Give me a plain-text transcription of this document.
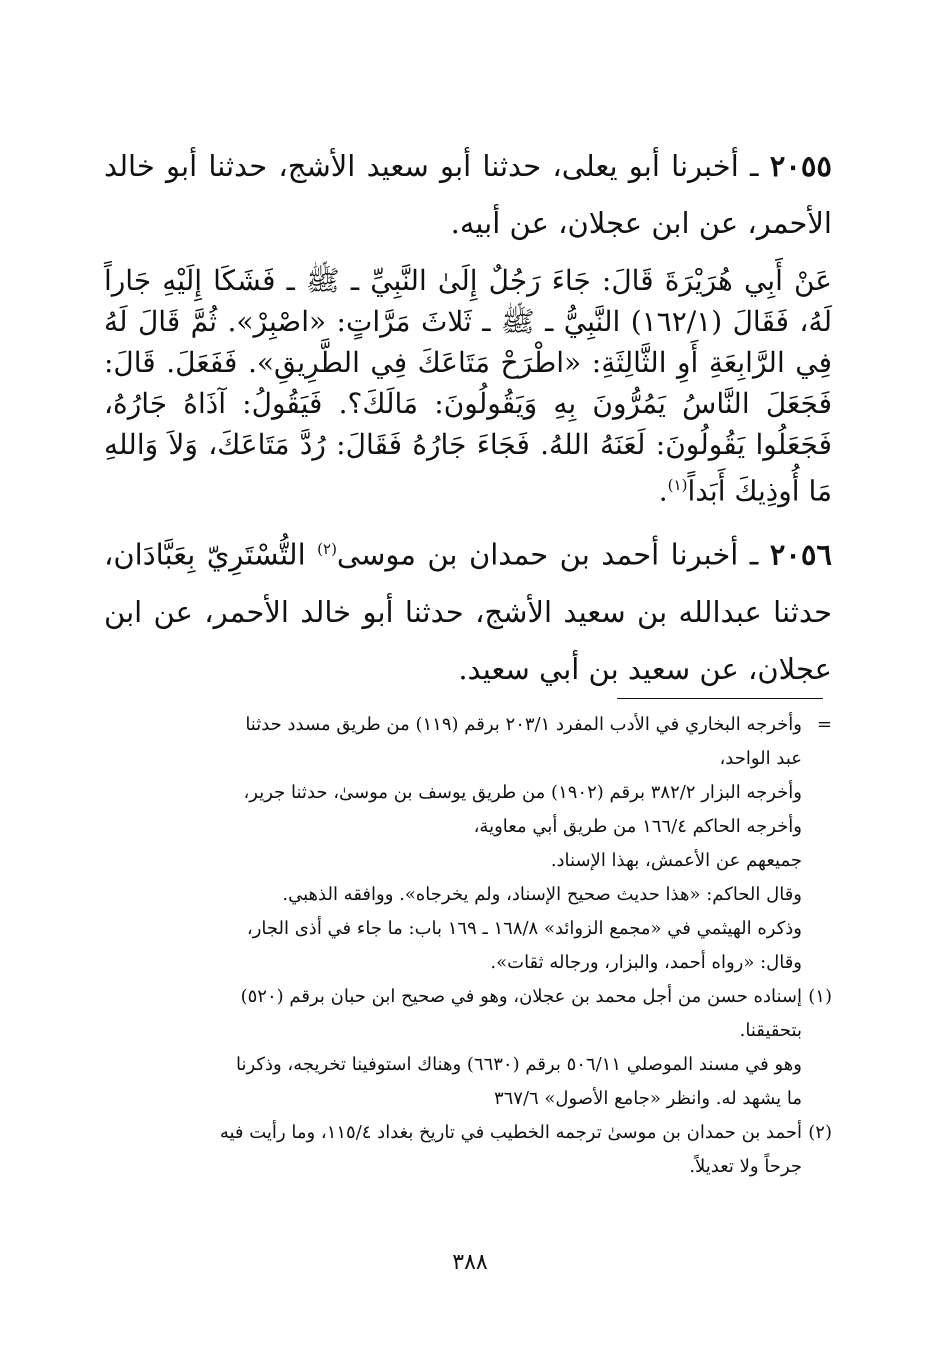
٢٠٥٥ ـ أخبرنا أبو يعلى، حدثنا أبو سعيد الأشج، حدثنا أبو خالد الأحمر، عن ابن عجلان، عن أبيه.

عَنْ أَبِي هُرَيْرَةَ قَالَ: جَاءَ رَجُلٌ إِلَىٰ النَّبِيِّ ـ ﷺ ـ فَشَكَا إِلَيْهِ جَاراً لَهُ، فَقَالَ (١٦٢/١) النَّبِيُّ ـ ﷺ ـ ثَلاثَ مَرَّاتٍ: «اصْبِرْ». ثُمَّ قَالَ لَهُ فِي الرَّابِعَةِ أَوِ الثَّالِثَةِ: «اطْرَحْ مَتَاعَكَ فِي الطَّرِيقِ». فَفَعَلَ. قَالَ: فَجَعَلَ النَّاسُ يَمُرُّونَ بِهِ وَيَقُولُونَ: مَالَكَ؟. فَيَقُولُ: آذَاهُ جَارُهُ، فَجَعَلُوا يَقُولُونَ: لَعَنَهُ اللهُ. فَجَاءَ جَارُهُ فَقَالَ: رُدَّ مَتَاعَكَ، وَلاَ وَاللهِ مَا أُوذِيكَ أَبَداً$^{(١)}$.

٢٠٥٦ ـ أخبرنا أحمد بن حمدان بن موسى$^{(٢)}$ التُّسْتَرِيّ بِعَبَّادَان، حدثنا عبدالله بن سعيد الأشج، حدثنا أبو خالد الأحمر، عن ابن عجلان، عن سعيد بن أبي سعيد.

=وأخرجه البخاري في الأدب المفرد ٢٠٣/١ برقم (١١٩) من طريق مسدد حدثنا
عبد الواحد،
وأخرجه البزار ٣٨٢/٢ برقم (١٩٠٢) من طريق يوسف بن موسىٰ، حدثنا جرير،
وأخرجه الحاكم ١٦٦/٤ من طريق أبي معاوية،
جميعهم عن الأعمش، بهذا الإسناد.
وقال الحاكم: «هذا حديث صحيح الإسناد، ولم يخرجاه». ووافقه الذهبي.
وذكره الهيثمي في «مجمع الزوائد» ١٦٨/٨ ـ ١٦٩ باب: ما جاء في أذى الجار،
وقال: «رواه أحمد، والبزار، ورجاله ثقات».
(١)إسناده حسن من أجل محمد بن عجلان، وهو في صحيح ابن حبان برقم (٥٢٠)
بتحقيقنا.
وهو في مسند الموصلي ٥٠٦/١١ برقم (٦٦٣٠) وهناك استوفينا تخريجه، وذكرنا
ما يشهد له. وانظر «جامع الأصول» ٣٦٧/٦
(٢)أحمد بن حمدان بن موسىٰ ترجمه الخطيب في تاريخ بغداد ١١٥/٤، وما رأيت فيه
جرحاً ولا تعديلاً.
٣٨٨
